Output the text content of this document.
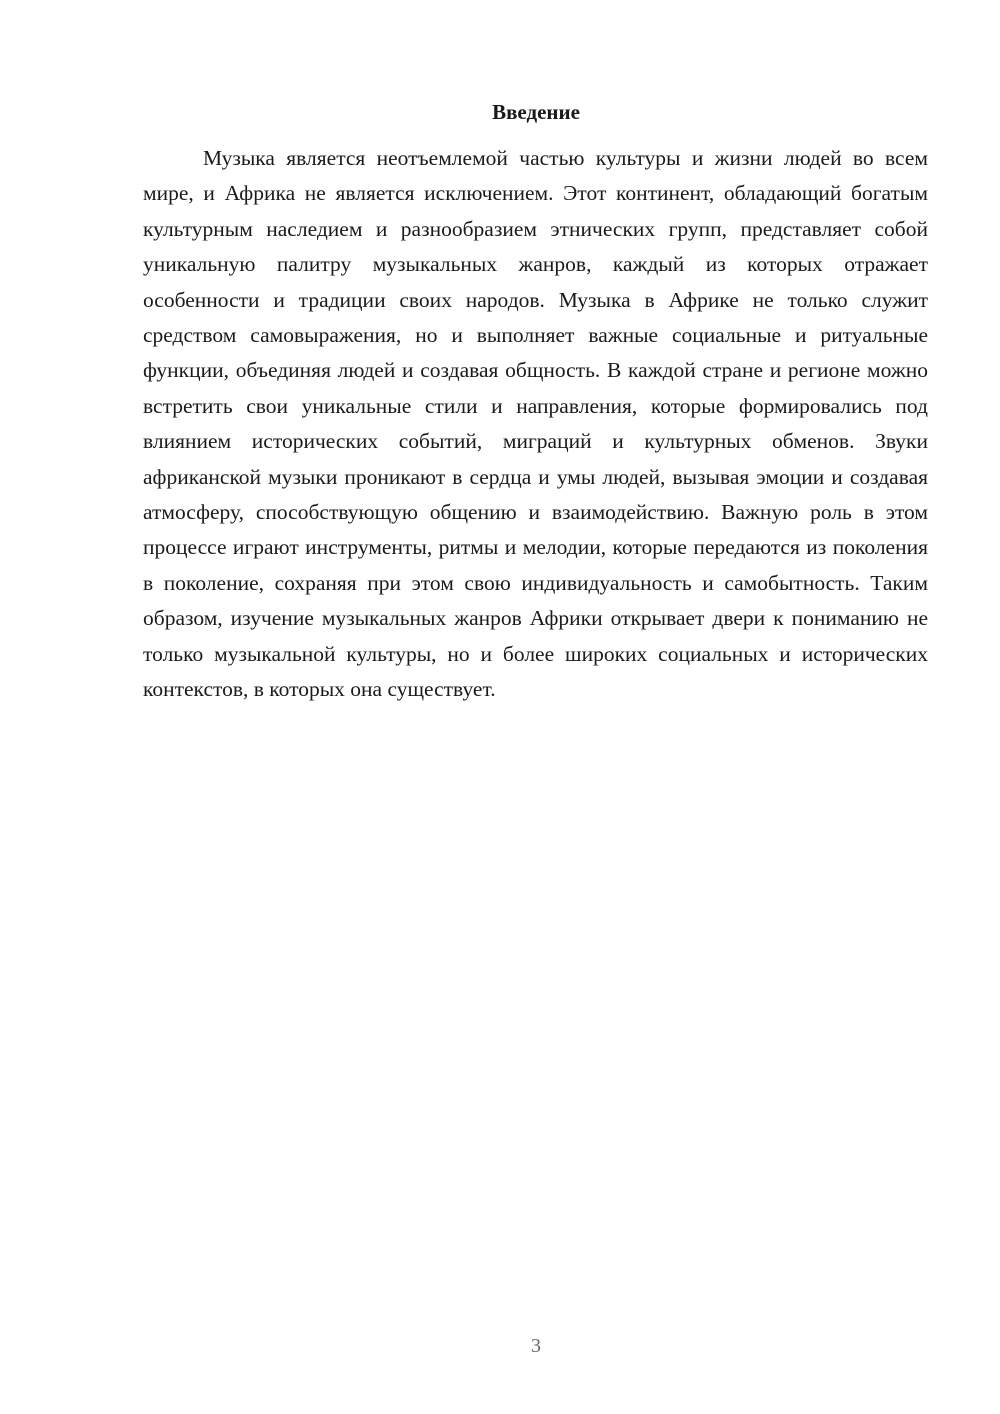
Введение

Музыка является неотъемлемой частью культуры и жизни людей во всем мире, и Африка не является исключением. Этот континент, обладающий богатым культурным наследием и разнообразием этнических групп, представляет собой уникальную палитру музыкальных жанров, каждый из которых отражает особенности и традиции своих народов. Музыка в Африке не только служит средством самовыражения, но и выполняет важные социальные и ритуальные функции, объединяя людей и создавая общность. В каждой стране и регионе можно встретить свои уникальные стили и направления, которые формировались под влиянием исторических событий, миграций и культурных обменов. Звуки африканской музыки проникают в сердца и умы людей, вызывая эмоции и создавая атмосферу, способствующую общению и взаимодействию. Важную роль в этом процессе играют инструменты, ритмы и мелодии, которые передаются из поколения в поколение, сохраняя при этом свою индивидуальность и самобытность. Таким образом, изучение музыкальных жанров Африки открывает двери к пониманию не только музыкальной культуры, но и более широких социальных и исторических контекстов, в которых она существует.

3
